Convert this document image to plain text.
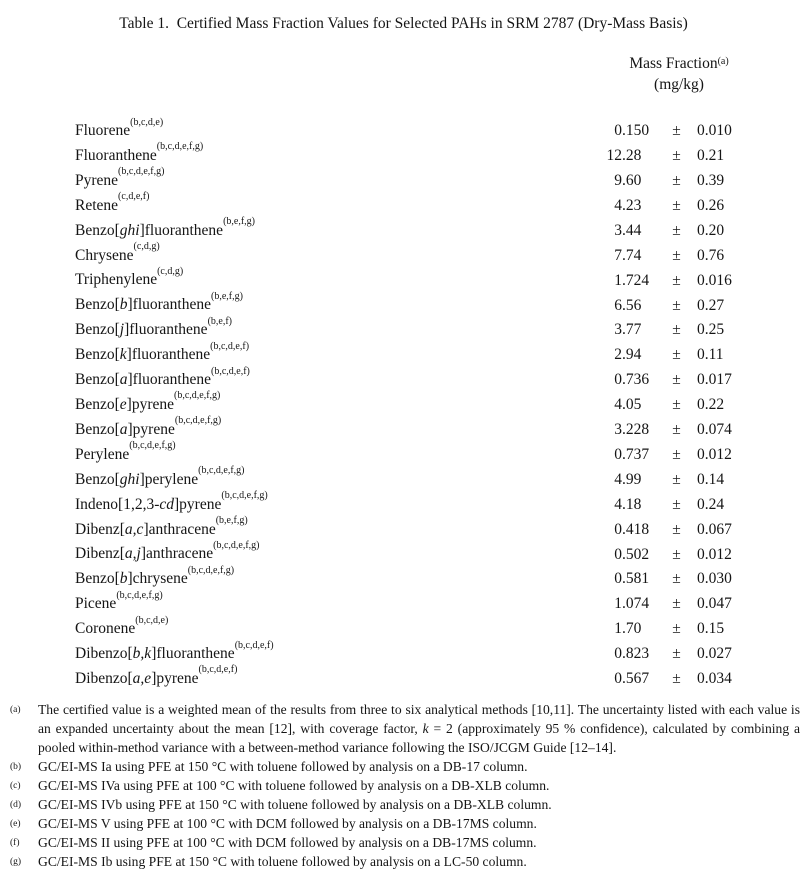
Table 1.  Certified Mass Fraction Values for Selected PAHs in SRM 2787 (Dry-Mass Basis)
Mass Fraction$^{(a)}$
(mg/kg)
Fluorene$^{(b,c,d,e)}$
0 .150	±	0.010
Fluoranthene$^{(b,c,d,e,f,g)}$
12 .28	±	0.21
Pyrene$^{(b,c,d,e,f,g)}$
9 .60	±	0.39
Retene$^{(c,d,e,f)}$
4 .23	±	0.26
Benzo[ghi]fluoranthene$^{(b,e,f,g)}$
3 .44	±	0.20
Chrysene$^{(c,d,g)}$
7 .74	±	0.76
Triphenylene$^{(c,d,g)}$
1 .724	±	0.016
Benzo[b]fluoranthene$^{(b,e,f,g)}$
6 .56	±	0.27
Benzo[j]fluoranthene$^{(b,e,f)}$
3 .77	±	0.25
Benzo[k]fluoranthene$^{(b,c,d,e,f)}$
2 .94	±	0.11
Benzo[a]fluoranthene$^{(b,c,d,e,f)}$
0 .736	±	0.017
Benzo[e]pyrene$^{(b,c,d,e,f,g)}$
4 .05	±	0.22
Benzo[a]pyrene$^{(b,c,d,e,f,g)}$
3 .228	±	0.074
Perylene$^{(b,c,d,e,f,g)}$
0 .737	±	0.012
Benzo[ghi]perylene$^{(b,c,d,e,f,g)}$
4 .99	±	0.14
Indeno[1,2,3-cd]pyrene$^{(b,c,d,e,f,g)}$
4 .18	±	0.24
Dibenz[a,c]anthracene$^{(b,e,f,g)}$
0 .418	±	0.067
Dibenz[a,j]anthracene$^{(b,c,d,e,f,g)}$
0 .502	±	0.012
Benzo[b]chrysene$^{(b,c,d,e,f,g)}$
0 .581	±	0.030
Picene$^{(b,c,d,e,f,g)}$
1 .074	±	0.047
Coronene$^{(b,c,d,e)}$
1 .70	±	0.15
Dibenzo[b,k]fluoranthene$^{(b,c,d,e,f)}$
0 .823	±	0.027
Dibenzo[a,e]pyrene$^{(b,c,d,e,f)}$
0 .567	±	0.034
(a) The certified value is a weighted mean of the results from three to six analytical methods [10,11]. The uncertainty listed with each value is an expanded uncertainty about the mean [12], with coverage factor, k = 2 (approximately 95 % confidence), calculated by combining a pooled within-method variance with a between-method variance following the ISO/JCGM Guide [12–14].
(b) GC/EI-MS Ia using PFE at 150 °C with toluene followed by analysis on a DB-17 column.
(c) GC/EI-MS IVa using PFE at 100 °C with toluene followed by analysis on a DB-XLB column.
(d) GC/EI-MS IVb using PFE at 150 °C with toluene followed by analysis on a DB-XLB column.
(e) GC/EI-MS V using PFE at 100 °C with DCM followed by analysis on a DB-17MS column.
(f) GC/EI-MS II using PFE at 100 °C with DCM followed by analysis on a DB-17MS column.
(g) GC/EI-MS Ib using PFE at 150 °C with toluene followed by analysis on a LC-50 column.
